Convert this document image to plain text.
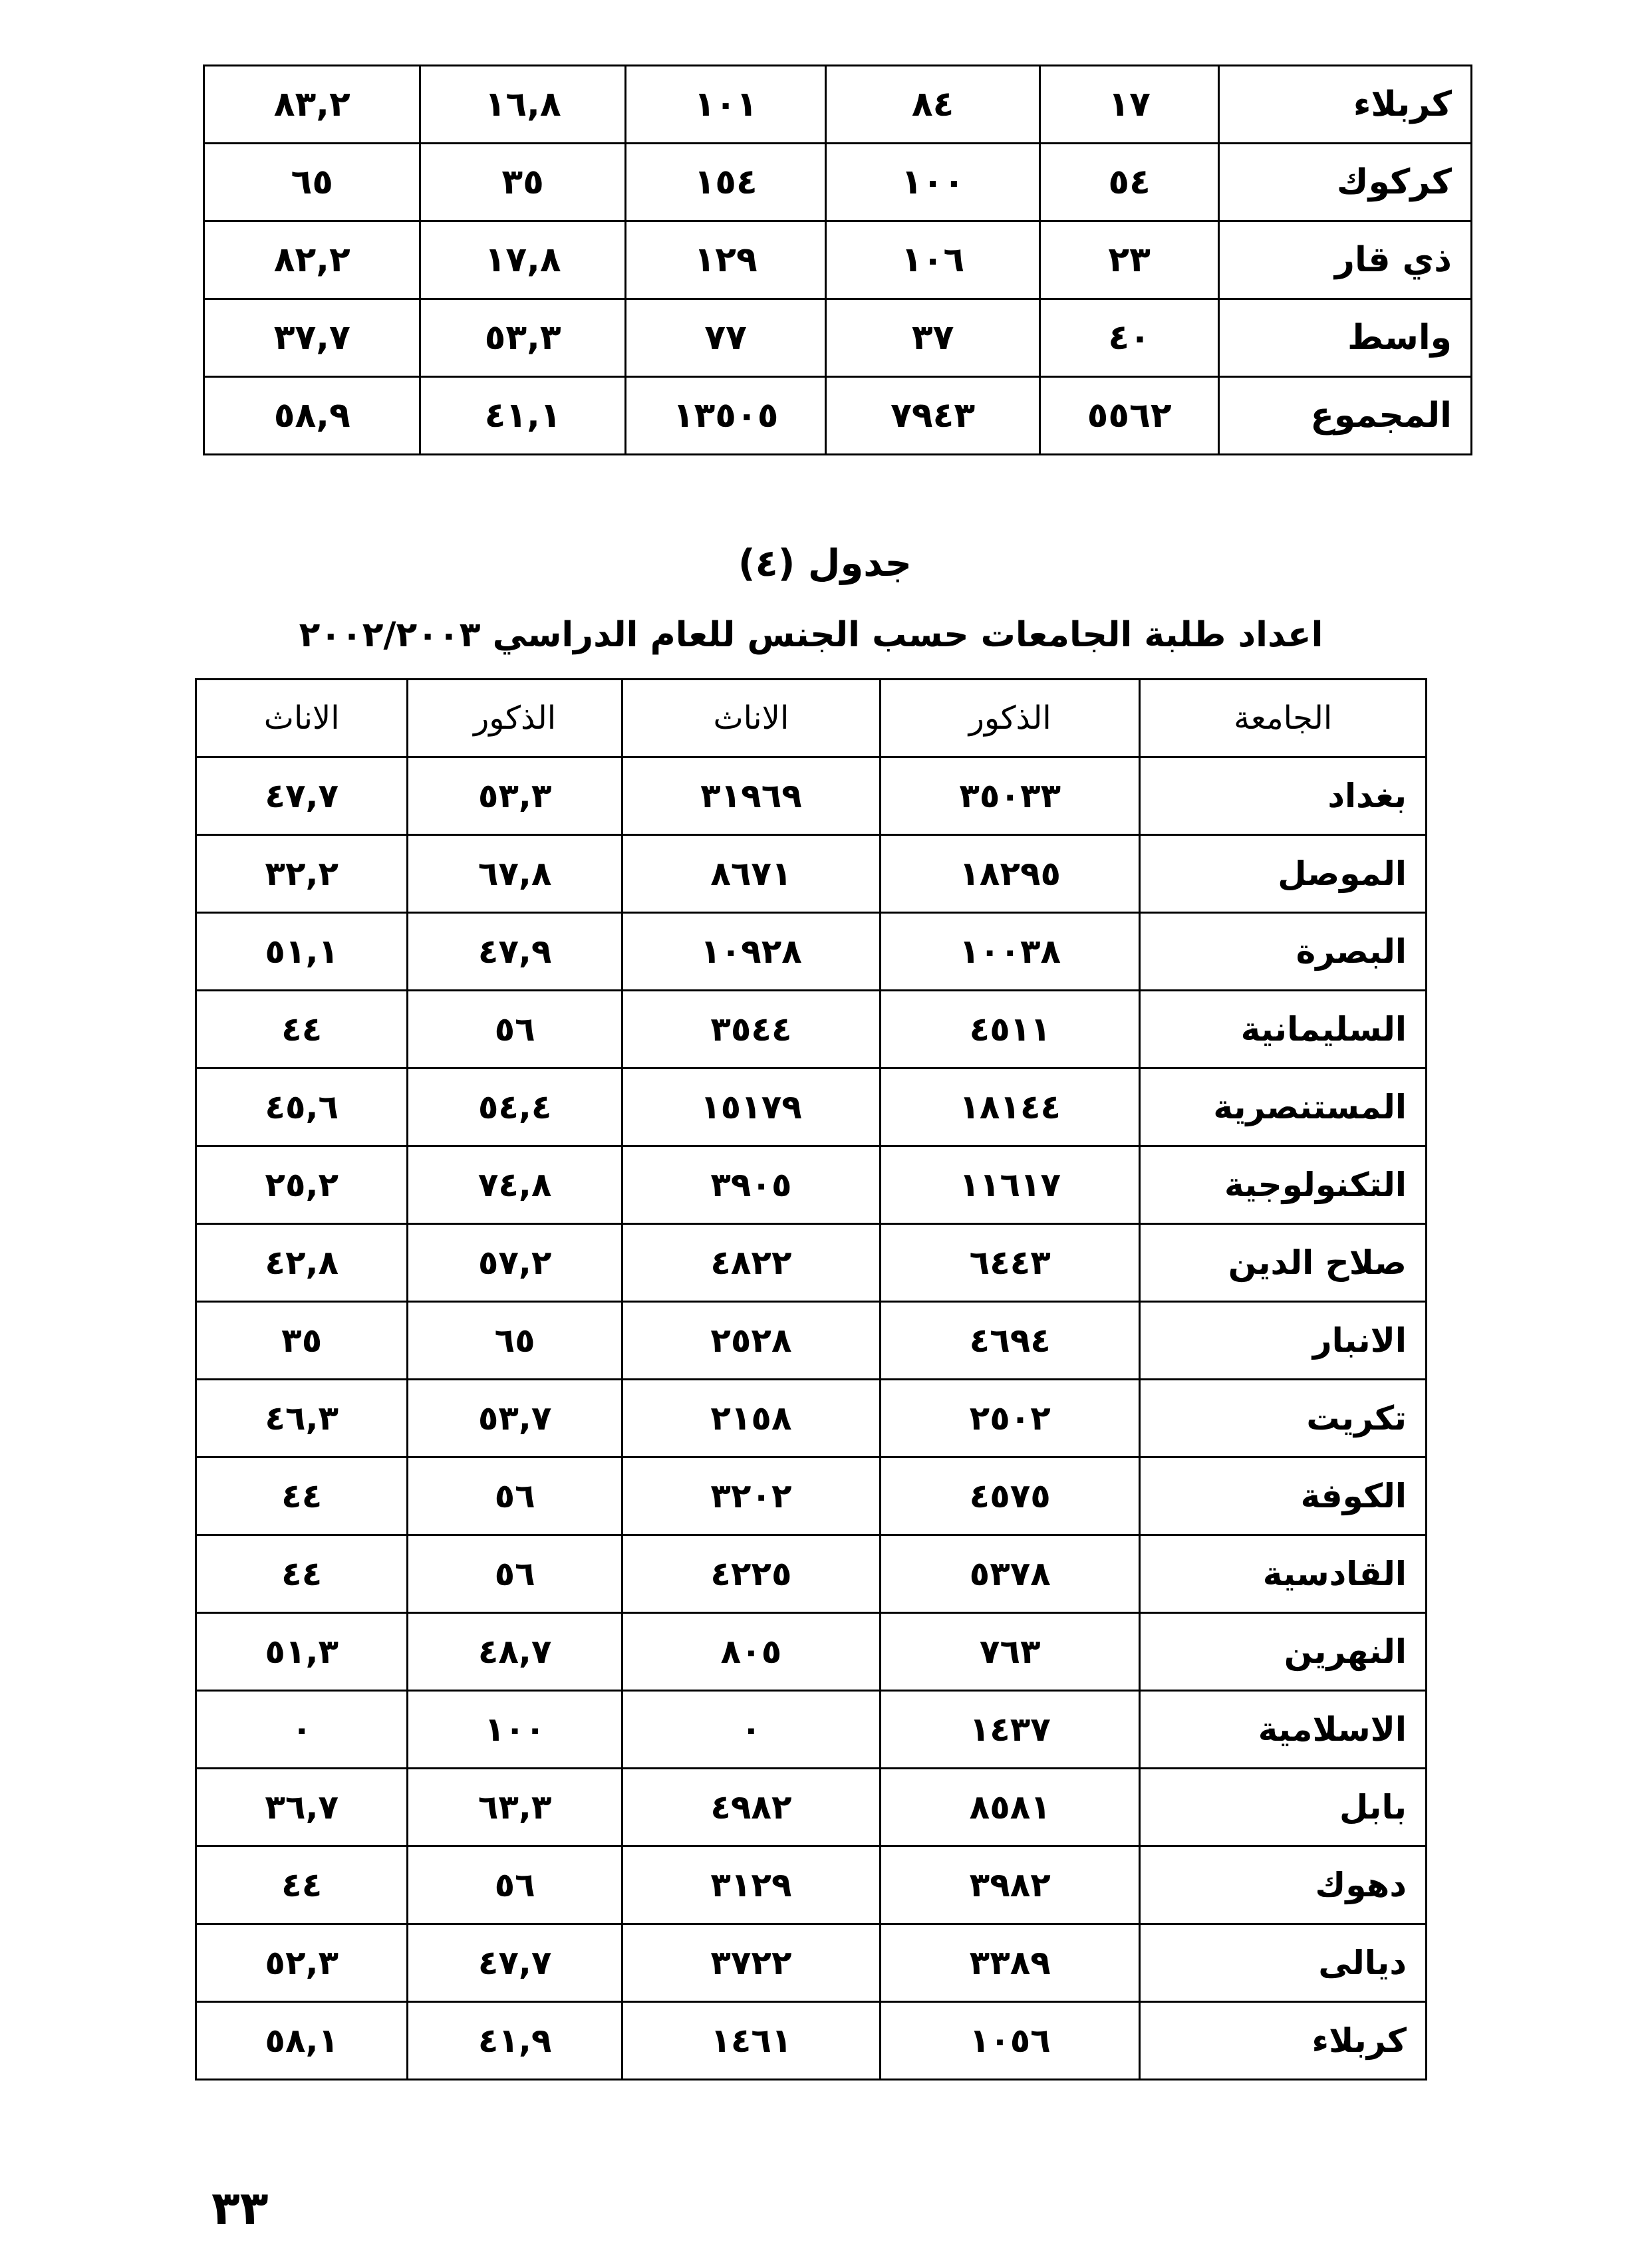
كربلاء	١٧	٨٤	١٠١	١٦,٨	٨٣,٢
كركوك	٥٤	١٠٠	١٥٤	٣٥	٦٥
ذي قار	٢٣	١٠٦	١٢٩	١٧,٨	٨٢,٢
واسط	٤٠	٣٧	٧٧	٥٣,٣	٣٧,٧
المجموع	٥٥٦٢	٧٩٤٣	١٣٥٠٥	٤١,١	٥٨,٩
جدول (٤)
اعداد طلبة الجامعات حسب الجنس للعام الدراسي ٢٠٠٢/٢٠٠٣
الجامعة	الذكور	الاناث	الذكور	الاناث
بغداد	٣٥٠٣٣	٣١٩٦٩	٥٣,٣	٤٧,٧
الموصل	١٨٢٩٥	٨٦٧١	٦٧,٨	٣٢,٢
البصرة	١٠٠٣٨	١٠٩٢٨	٤٧,٩	٥١,١
السليمانية	٤٥١١	٣٥٤٤	٥٦	٤٤
المستنصرية	١٨١٤٤	١٥١٧٩	٥٤,٤	٤٥,٦
التكنولوجية	١١٦١٧	٣٩٠٥	٧٤,٨	٢٥,٢
صلاح الدين	٦٤٤٣	٤٨٢٢	٥٧,٢	٤٢,٨
الانبار	٤٦٩٤	٢٥٢٨	٦٥	٣٥
تكريت	٢٥٠٢	٢١٥٨	٥٣,٧	٤٦,٣
الكوفة	٤٥٧٥	٣٢٠٢	٥٦	٤٤
القادسية	٥٣٧٨	٤٢٢٥	٥٦	٤٤
النهرين	٧٦٣	٨٠٥	٤٨,٧	٥١,٣
الاسلامية	١٤٣٧	٠	١٠٠	٠
بابل	٨٥٨١	٤٩٨٢	٦٣,٣	٣٦,٧
دهوك	٣٩٨٢	٣١٢٩	٥٦	٤٤
ديالى	٣٣٨٩	٣٧٢٢	٤٧,٧	٥٢,٣
كربلاء	١٠٥٦	١٤٦١	٤١,٩	٥٨,١
٣٣
